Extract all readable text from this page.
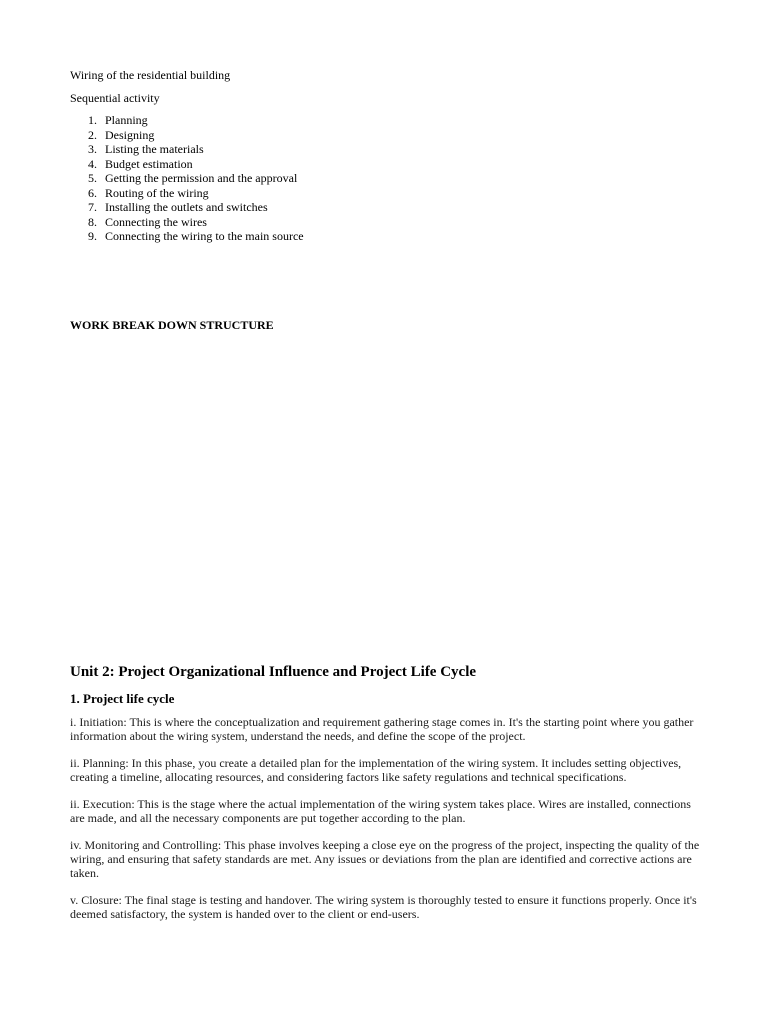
Wiring of the residential building
Sequential activity
1. Planning
2. Designing
3. Listing the materials
4. Budget estimation
5. Getting the permission and the approval
6. Routing of the wiring
7. Installing the outlets and switches
8. Connecting the wires
9. Connecting the wiring to the main source
WORK BREAK DOWN STRUCTURE
Unit 2: Project Organizational Influence and Project Life Cycle
1. Project life cycle
i. Initiation: This is where the conceptualization and requirement gathering stage comes in. It's the starting point where you gather information about the wiring system, understand the needs, and define the scope of the project.
ii. Planning: In this phase, you create a detailed plan for the implementation of the wiring system. It includes setting objectives, creating a timeline, allocating resources, and considering factors like safety regulations and technical specifications.
ii. Execution: This is the stage where the actual implementation of the wiring system takes place. Wires are installed, connections are made, and all the necessary components are put together according to the plan.
iv. Monitoring and Controlling: This phase involves keeping a close eye on the progress of the project, inspecting the quality of the wiring, and ensuring that safety standards are met. Any issues or deviations from the plan are identified and corrective actions are taken.
v. Closure: The final stage is testing and handover. The wiring system is thoroughly tested to ensure it functions properly. Once it's deemed satisfactory, the system is handed over to the client or end-users.
